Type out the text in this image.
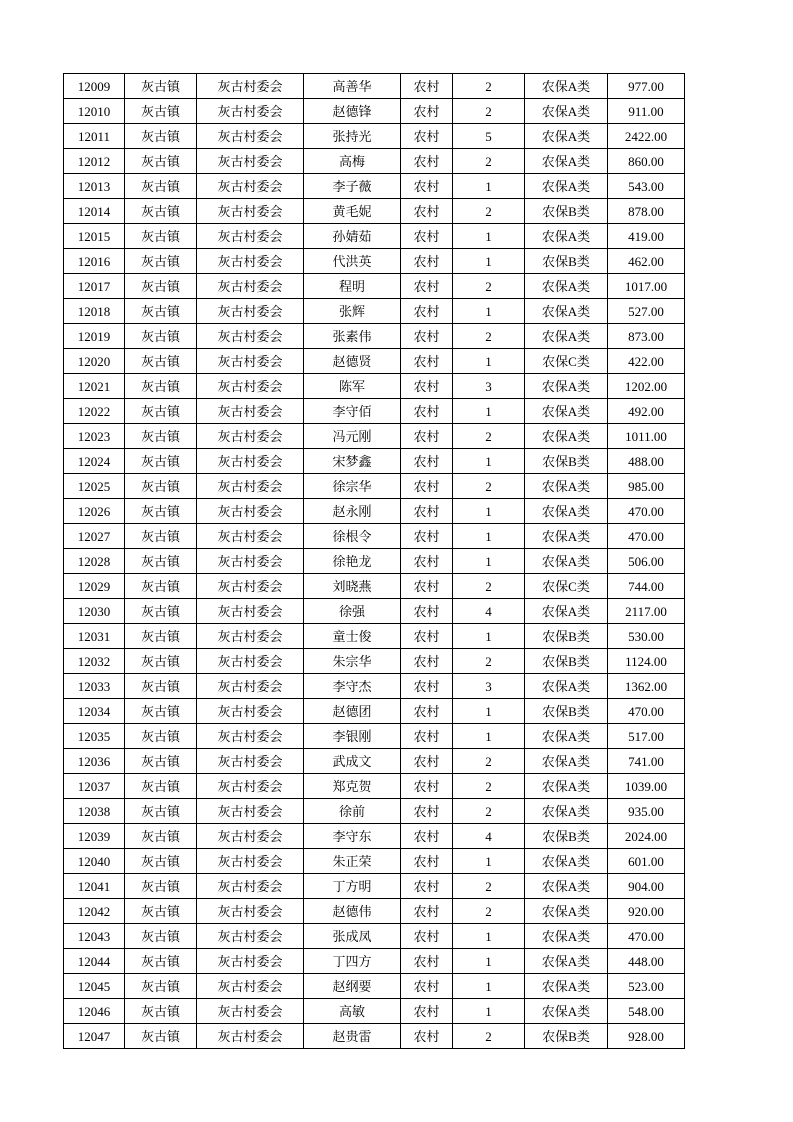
12009	灰古镇	灰古村委会	高善华	农村	2	农保A类	977.00
12010	灰古镇	灰古村委会	赵德锋	农村	2	农保A类	911.00
12011	灰古镇	灰古村委会	张持光	农村	5	农保A类	2422.00
12012	灰古镇	灰古村委会	高梅	农村	2	农保A类	860.00
12013	灰古镇	灰古村委会	李子薇	农村	1	农保A类	543.00
12014	灰古镇	灰古村委会	黄毛妮	农村	2	农保B类	878.00
12015	灰古镇	灰古村委会	孙婧茹	农村	1	农保A类	419.00
12016	灰古镇	灰古村委会	代洪英	农村	1	农保B类	462.00
12017	灰古镇	灰古村委会	程明	农村	2	农保A类	1017.00
12018	灰古镇	灰古村委会	张辉	农村	1	农保A类	527.00
12019	灰古镇	灰古村委会	张素伟	农村	2	农保A类	873.00
12020	灰古镇	灰古村委会	赵德贤	农村	1	农保C类	422.00
12021	灰古镇	灰古村委会	陈军	农村	3	农保A类	1202.00
12022	灰古镇	灰古村委会	李守佰	农村	1	农保A类	492.00
12023	灰古镇	灰古村委会	冯元刚	农村	2	农保A类	1011.00
12024	灰古镇	灰古村委会	宋梦鑫	农村	1	农保B类	488.00
12025	灰古镇	灰古村委会	徐宗华	农村	2	农保A类	985.00
12026	灰古镇	灰古村委会	赵永刚	农村	1	农保A类	470.00
12027	灰古镇	灰古村委会	徐根令	农村	1	农保A类	470.00
12028	灰古镇	灰古村委会	徐艳龙	农村	1	农保A类	506.00
12029	灰古镇	灰古村委会	刘晓燕	农村	2	农保C类	744.00
12030	灰古镇	灰古村委会	徐强	农村	4	农保A类	2117.00
12031	灰古镇	灰古村委会	童士俊	农村	1	农保B类	530.00
12032	灰古镇	灰古村委会	朱宗华	农村	2	农保B类	1124.00
12033	灰古镇	灰古村委会	李守杰	农村	3	农保A类	1362.00
12034	灰古镇	灰古村委会	赵德团	农村	1	农保B类	470.00
12035	灰古镇	灰古村委会	李银刚	农村	1	农保A类	517.00
12036	灰古镇	灰古村委会	武成文	农村	2	农保A类	741.00
12037	灰古镇	灰古村委会	郑克贺	农村	2	农保A类	1039.00
12038	灰古镇	灰古村委会	徐前	农村	2	农保A类	935.00
12039	灰古镇	灰古村委会	李守东	农村	4	农保B类	2024.00
12040	灰古镇	灰古村委会	朱正荣	农村	1	农保A类	601.00
12041	灰古镇	灰古村委会	丁方明	农村	2	农保A类	904.00
12042	灰古镇	灰古村委会	赵德伟	农村	2	农保A类	920.00
12043	灰古镇	灰古村委会	张成凤	农村	1	农保A类	470.00
12044	灰古镇	灰古村委会	丁四方	农村	1	农保A类	448.00
12045	灰古镇	灰古村委会	赵纲要	农村	1	农保A类	523.00
12046	灰古镇	灰古村委会	高敏	农村	1	农保A类	548.00
12047	灰古镇	灰古村委会	赵贵雷	农村	2	农保B类	928.00
